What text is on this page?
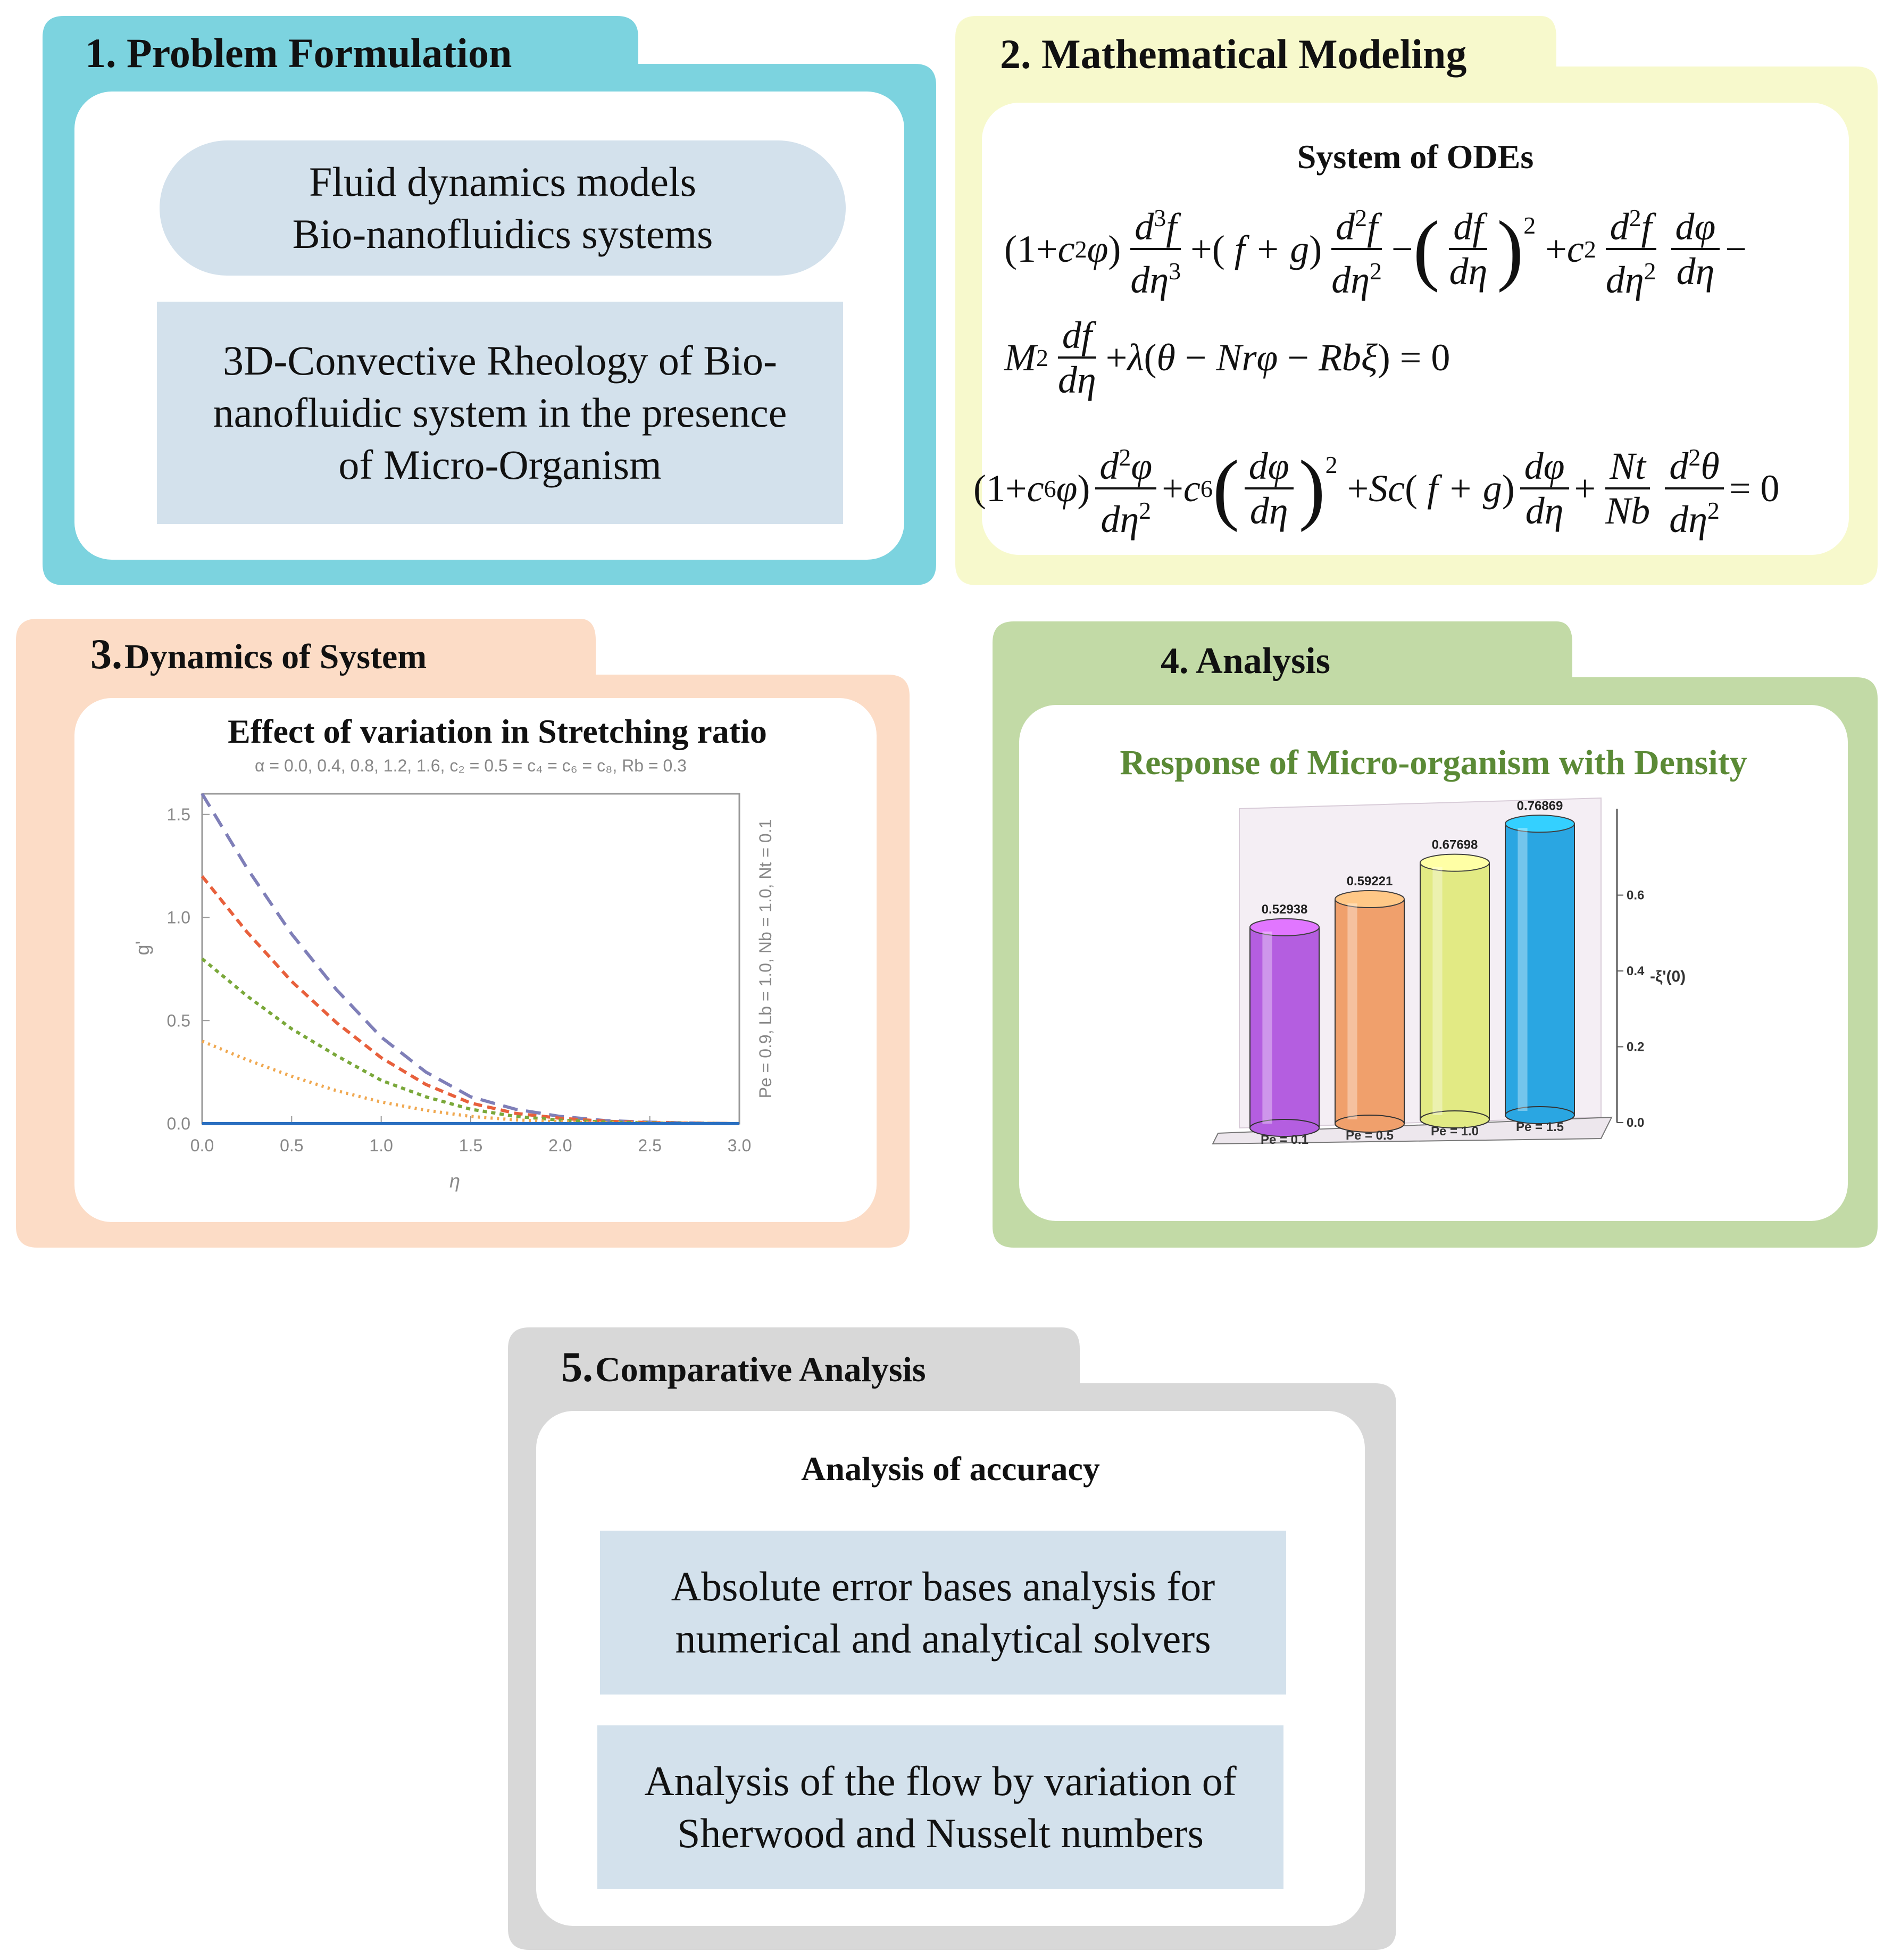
1. Problem Formulation
Fluid dynamics models
Bio-nanofluidics systems
3D-Convective Rheology of Bio-
nanofluidic system in the presence
of Micro-Organism
2. Mathematical Modeling
System of ODEs
(1+ c 2 φ ) $\frac{d^3f}{d\eta^3}$ +( f + g ) $\frac{d^2f}{d\eta^2}$ − ( $\frac{df}{d\eta}$ ) 2
+ c $2 \frac{d^2f}{d\eta^2} \frac{d\varphi}{d\eta}$ −
M $2 \frac{df}{d\eta} + \lambda$ ( θ − Nrφ − Rbξ ) = 0
(1+ c 6 φ ) $\frac{d^2\varphi}{d\eta^2} + c$ 6 ( $\frac{d\varphi}{d\eta}$ ) 2
+ Sc ( f + g ) $\frac{d\varphi}{d\eta} + \frac{Nt}{Nb} \frac{d^2\theta}{d\eta^2} = 0$
3. Dynamics of System
Effect of variation in Stretching ratio
α = 0.0, 0.4, 0.8, 1.2, 1.6, c₂ = 0.5 = c₄ = c₆ = c₈, Rb = 0.3
0.0	0.5	1.0	1.5	2.0	2.5	3.0
0.0
0.5
1.0
1.5
η
g'	Pe = 0.9, Lb = 1.0, Nb = 1.0, Nt = 0.1
4. Analysis
Response of Micro-organism with Density
0.0
0.2
0.4
0.6
-ξ'(0)
0.52938
Pe = 0.1
0.59221
Pe = 0.5
0.67698
Pe = 1.0
0.76869
Pe = 1.5
5. Comparative Analysis
Analysis of accuracy
Absolute error bases analysis for
numerical and analytical solvers
Analysis of the flow by variation of
Sherwood and Nusselt numbers
